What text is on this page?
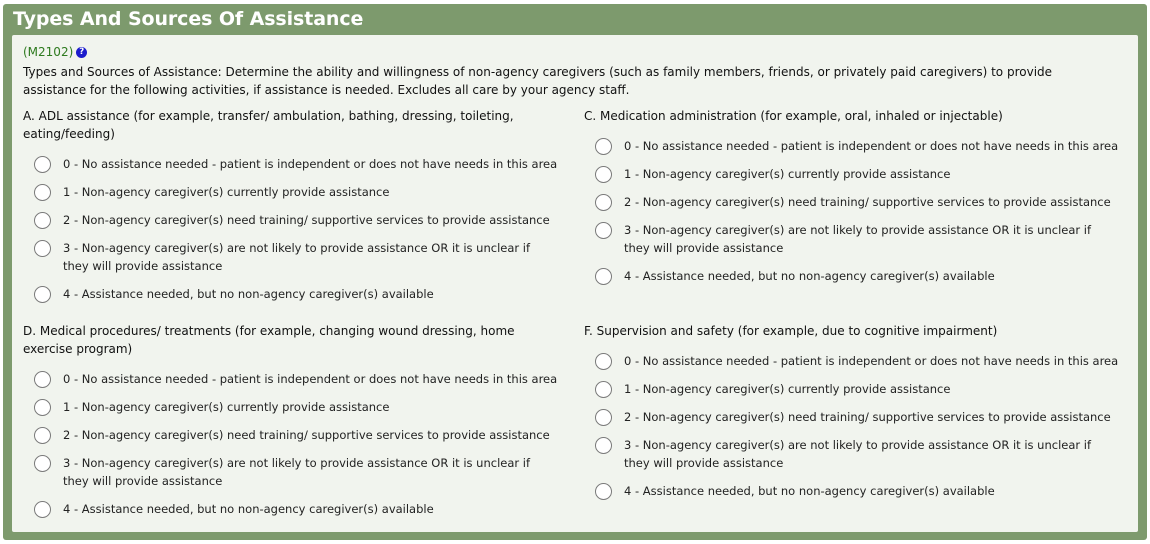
Types And Sources Of Assistance
(M2102) ?
Types and Sources of Assistance: Determine the ability and willingness of non-agency caregivers (such as family members, friends, or privately paid caregivers) to provide assistance for the following activities, if assistance is needed. Excludes all care by your agency staff.
A. ADL assistance (for example, transfer/ ambulation, bathing, dressing, toileting, eating/feeding)
0 - No assistance needed - patient is independent or does not have needs in this area
1 - Non-agency caregiver(s) currently provide assistance
2 - Non-agency caregiver(s) need training/ supportive services to provide assistance
3 - Non-agency caregiver(s) are not likely to provide assistance OR it is unclear if they will provide assistance
4 - Assistance needed, but no non-agency caregiver(s) available
C. Medication administration (for example, oral, inhaled or injectable)
0 - No assistance needed - patient is independent or does not have needs in this area
1 - Non-agency caregiver(s) currently provide assistance
2 - Non-agency caregiver(s) need training/ supportive services to provide assistance
3 - Non-agency caregiver(s) are not likely to provide assistance OR it is unclear if they will provide assistance
4 - Assistance needed, but no non-agency caregiver(s) available
D. Medical procedures/ treatments (for example, changing wound dressing, home exercise program)
0 - No assistance needed - patient is independent or does not have needs in this area
1 - Non-agency caregiver(s) currently provide assistance
2 - Non-agency caregiver(s) need training/ supportive services to provide assistance
3 - Non-agency caregiver(s) are not likely to provide assistance OR it is unclear if they will provide assistance
4 - Assistance needed, but no non-agency caregiver(s) available
F. Supervision and safety (for example, due to cognitive impairment)
0 - No assistance needed - patient is independent or does not have needs in this area
1 - Non-agency caregiver(s) currently provide assistance
2 - Non-agency caregiver(s) need training/ supportive services to provide assistance
3 - Non-agency caregiver(s) are not likely to provide assistance OR it is unclear if they will provide assistance
4 - Assistance needed, but no non-agency caregiver(s) available
